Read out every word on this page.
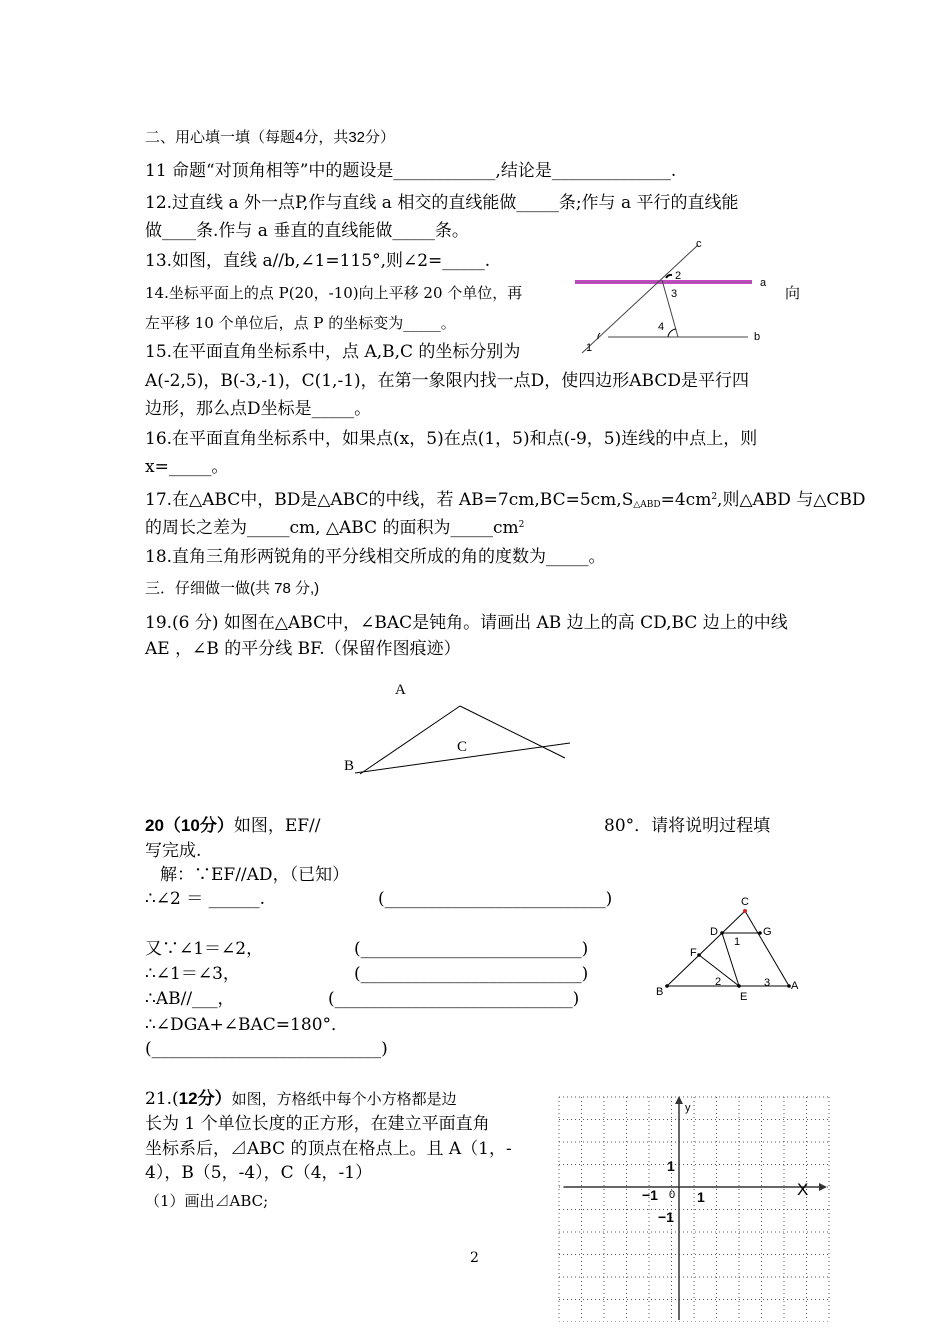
二、用心填一填（每题4分，共32分）
11 命题“对顶角相等”中的题设是____________,结论是______________.
12.过直线 a 外一点P,作与直线 a 相交的直线能做_____条;作与 a 平行的直线能
做____条.作与 a 垂直的直线能做_____条。
13.如图，直线 a//b,∠1=115°,则∠2=_____.
14.坐标平面上的点 P(20，-10)向上平移 20 个单位，再	向
左平移 10 个单位后，点 P 的坐标变为_____。
15.在平面直角坐标系中，点 A,B,C 的坐标分别为
A(-2,5)，B(-3,-1)，C(1,-1)，在第一象限内找一点D，使四边形ABCD是平行四
边形，那么点D坐标是_____。
16.在平面直角坐标系中，如果点(x，5)在点(1，5)和点(-9，5)连线的中点上，则
x=_____。
17.在△ABC中，BD是△ABC的中线，若 $AB=7cm,BC=5cm,S_{\triangle ABD}=4cm^2$,则△ABD 与△CBD
的周长之差为_____cm, △ABC 的面积为$\_\_\_\_\_cm^2$
18.直角三角形两锐角的平分线相交所成的角的度数为_____。
三．仔细做一做(共 78 分,)
19.(6 分) 如图在△ABC中，∠BAC是钝角。请画出 AB 边上的高 CD,BC 边上的中线
AE ，∠B 的平分线 BF.（保留作图痕迹）
c
a
b
2
3
4
1
A
B
C
20（10分）如图，EF//	80°．请将说明过程填
写完成.
解：∵EF//AD，（已知）
∴∠2 ＝ ______.	(__________________________)
又∵∠1＝∠2，	(__________________________)
∴∠1＝∠3，	(__________________________)
∴AB//___，	(____________________________)
∴∠DGA+∠BAC=180°．
(___________________________)
C
D	G
F
B	E
A
1
2	3
21.(12分）如图，方格纸中每个小方格都是边
长为 1 个单位长度的正方形，在建立平面直角
坐标系后，⊿ABC 的顶点在格点上。且 A（1，-
4），B（5，-4），C（4，-1）
（1）画出⊿ABC;
X
y
1
1
0
−1
−1
2
